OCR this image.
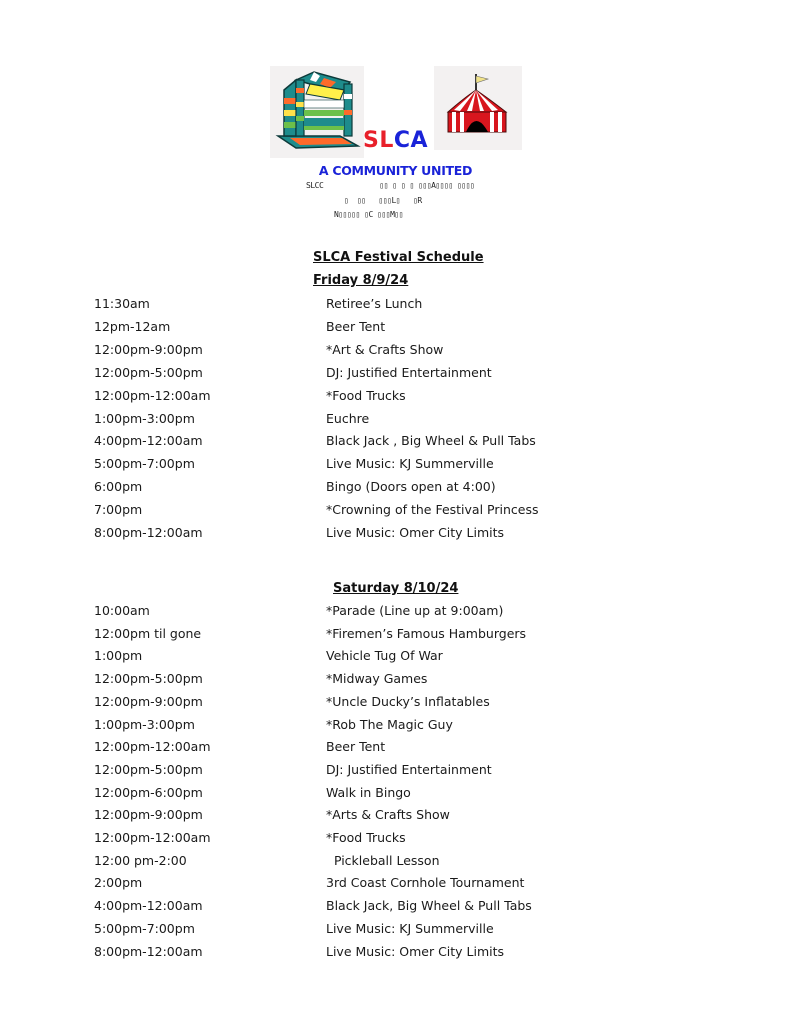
SLCA
A COMMUNITY UNITED
SLCC             ▯▯ ▯ ▯ ▯ ▯▯▯A▯▯▯▯ ▯▯▯▯
▯  ▯▯   ▯▯▯L▯   ▯R
N▯▯▯▯▯ ▯C ▯▯▯M▯▯
SLCA Festival Schedule
Friday 8/9/24
11:30am	Retiree’s Lunch
12pm-12am	Beer Tent
12:00pm-9:00pm	*Art & Crafts Show
12:00pm-5:00pm	DJ: Justified Entertainment
12:00pm-12:00am	*Food Trucks
1:00pm-3:00pm	Euchre
4:00pm-12:00am	Black Jack , Big Wheel & Pull Tabs
5:00pm-7:00pm	Live Music: KJ Summerville
6:00pm	Bingo (Doors open at 4:00)
7:00pm	*Crowning of the Festival Princess
8:00pm-12:00am	Live Music: Omer City Limits
Saturday 8/10/24
10:00am	*Parade (Line up at 9:00am)
12:00pm til gone	*Firemen’s Famous Hamburgers
1:00pm	Vehicle Tug Of War
12:00pm-5:00pm	*Midway Games
12:00pm-9:00pm	*Uncle Ducky’s Inflatables
1:00pm-3:00pm	*Rob The Magic Guy
12:00pm-12:00am	Beer Tent
12:00pm-5:00pm	DJ: Justified Entertainment
12:00pm-6:00pm	Walk in Bingo
12:00pm-9:00pm	*Arts & Crafts Show
12:00pm-12:00am	*Food Trucks
12:00 pm-2:00	Pickleball Lesson
2:00pm	3rd Coast Cornhole Tournament
4:00pm-12:00am	Black Jack, Big Wheel & Pull Tabs
5:00pm-7:00pm	Live Music: KJ Summerville
8:00pm-12:00am	Live Music: Omer City Limits
